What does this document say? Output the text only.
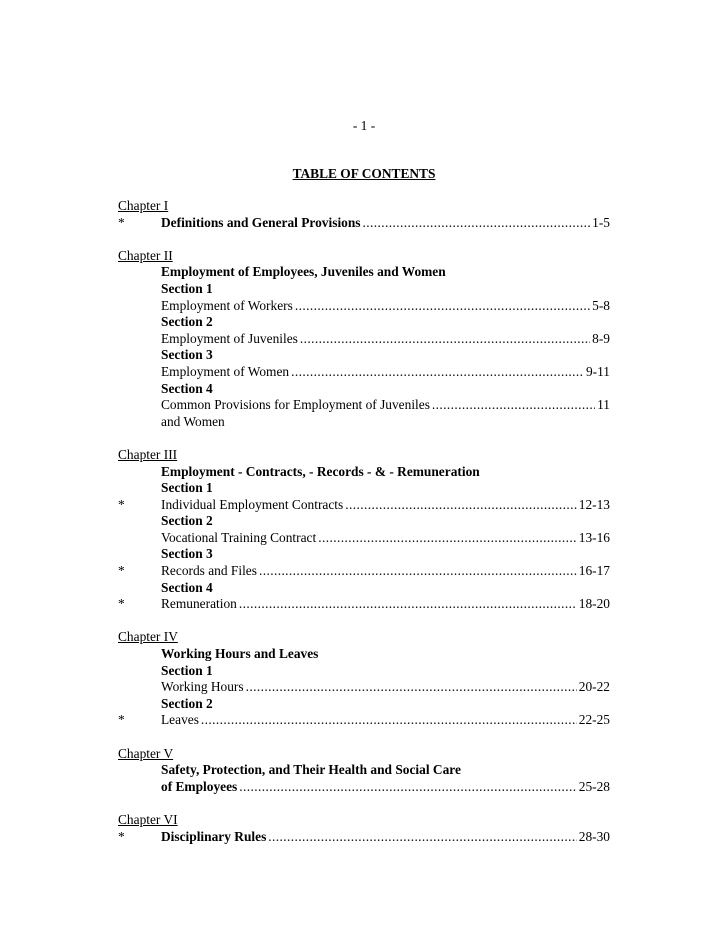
- 1 -
TABLE OF CONTENTS
Chapter I
*	Definitions and General Provisions .....	1-5
Chapter II
Employment of Employees, Juveniles and Women
Section 1
Employment of Workers .....	5-8
Section 2
Employment of Juveniles .....	8-9
Section 3
Employment of Women .....	9-11
Section 4
Common Provisions for Employment of Juveniles .....	11
and Women
Chapter III
Employment - Contracts, - Records - & - Remuneration
Section 1
*	Individual Employment Contracts .....	12-13
Section 2
Vocational Training Contract .....	13-16
Section 3
*	Records and Files .....	16-17
Section 4
*	Remuneration .....	18-20
Chapter IV
Working Hours and Leaves
Section 1
Working Hours .....	20-22
Section 2
*	Leaves .....	22-25
Chapter V
Safety, Protection, and Their Health and Social Care
of Employees .....	25-28
Chapter VI
*	Disciplinary Rules .....	28-30
